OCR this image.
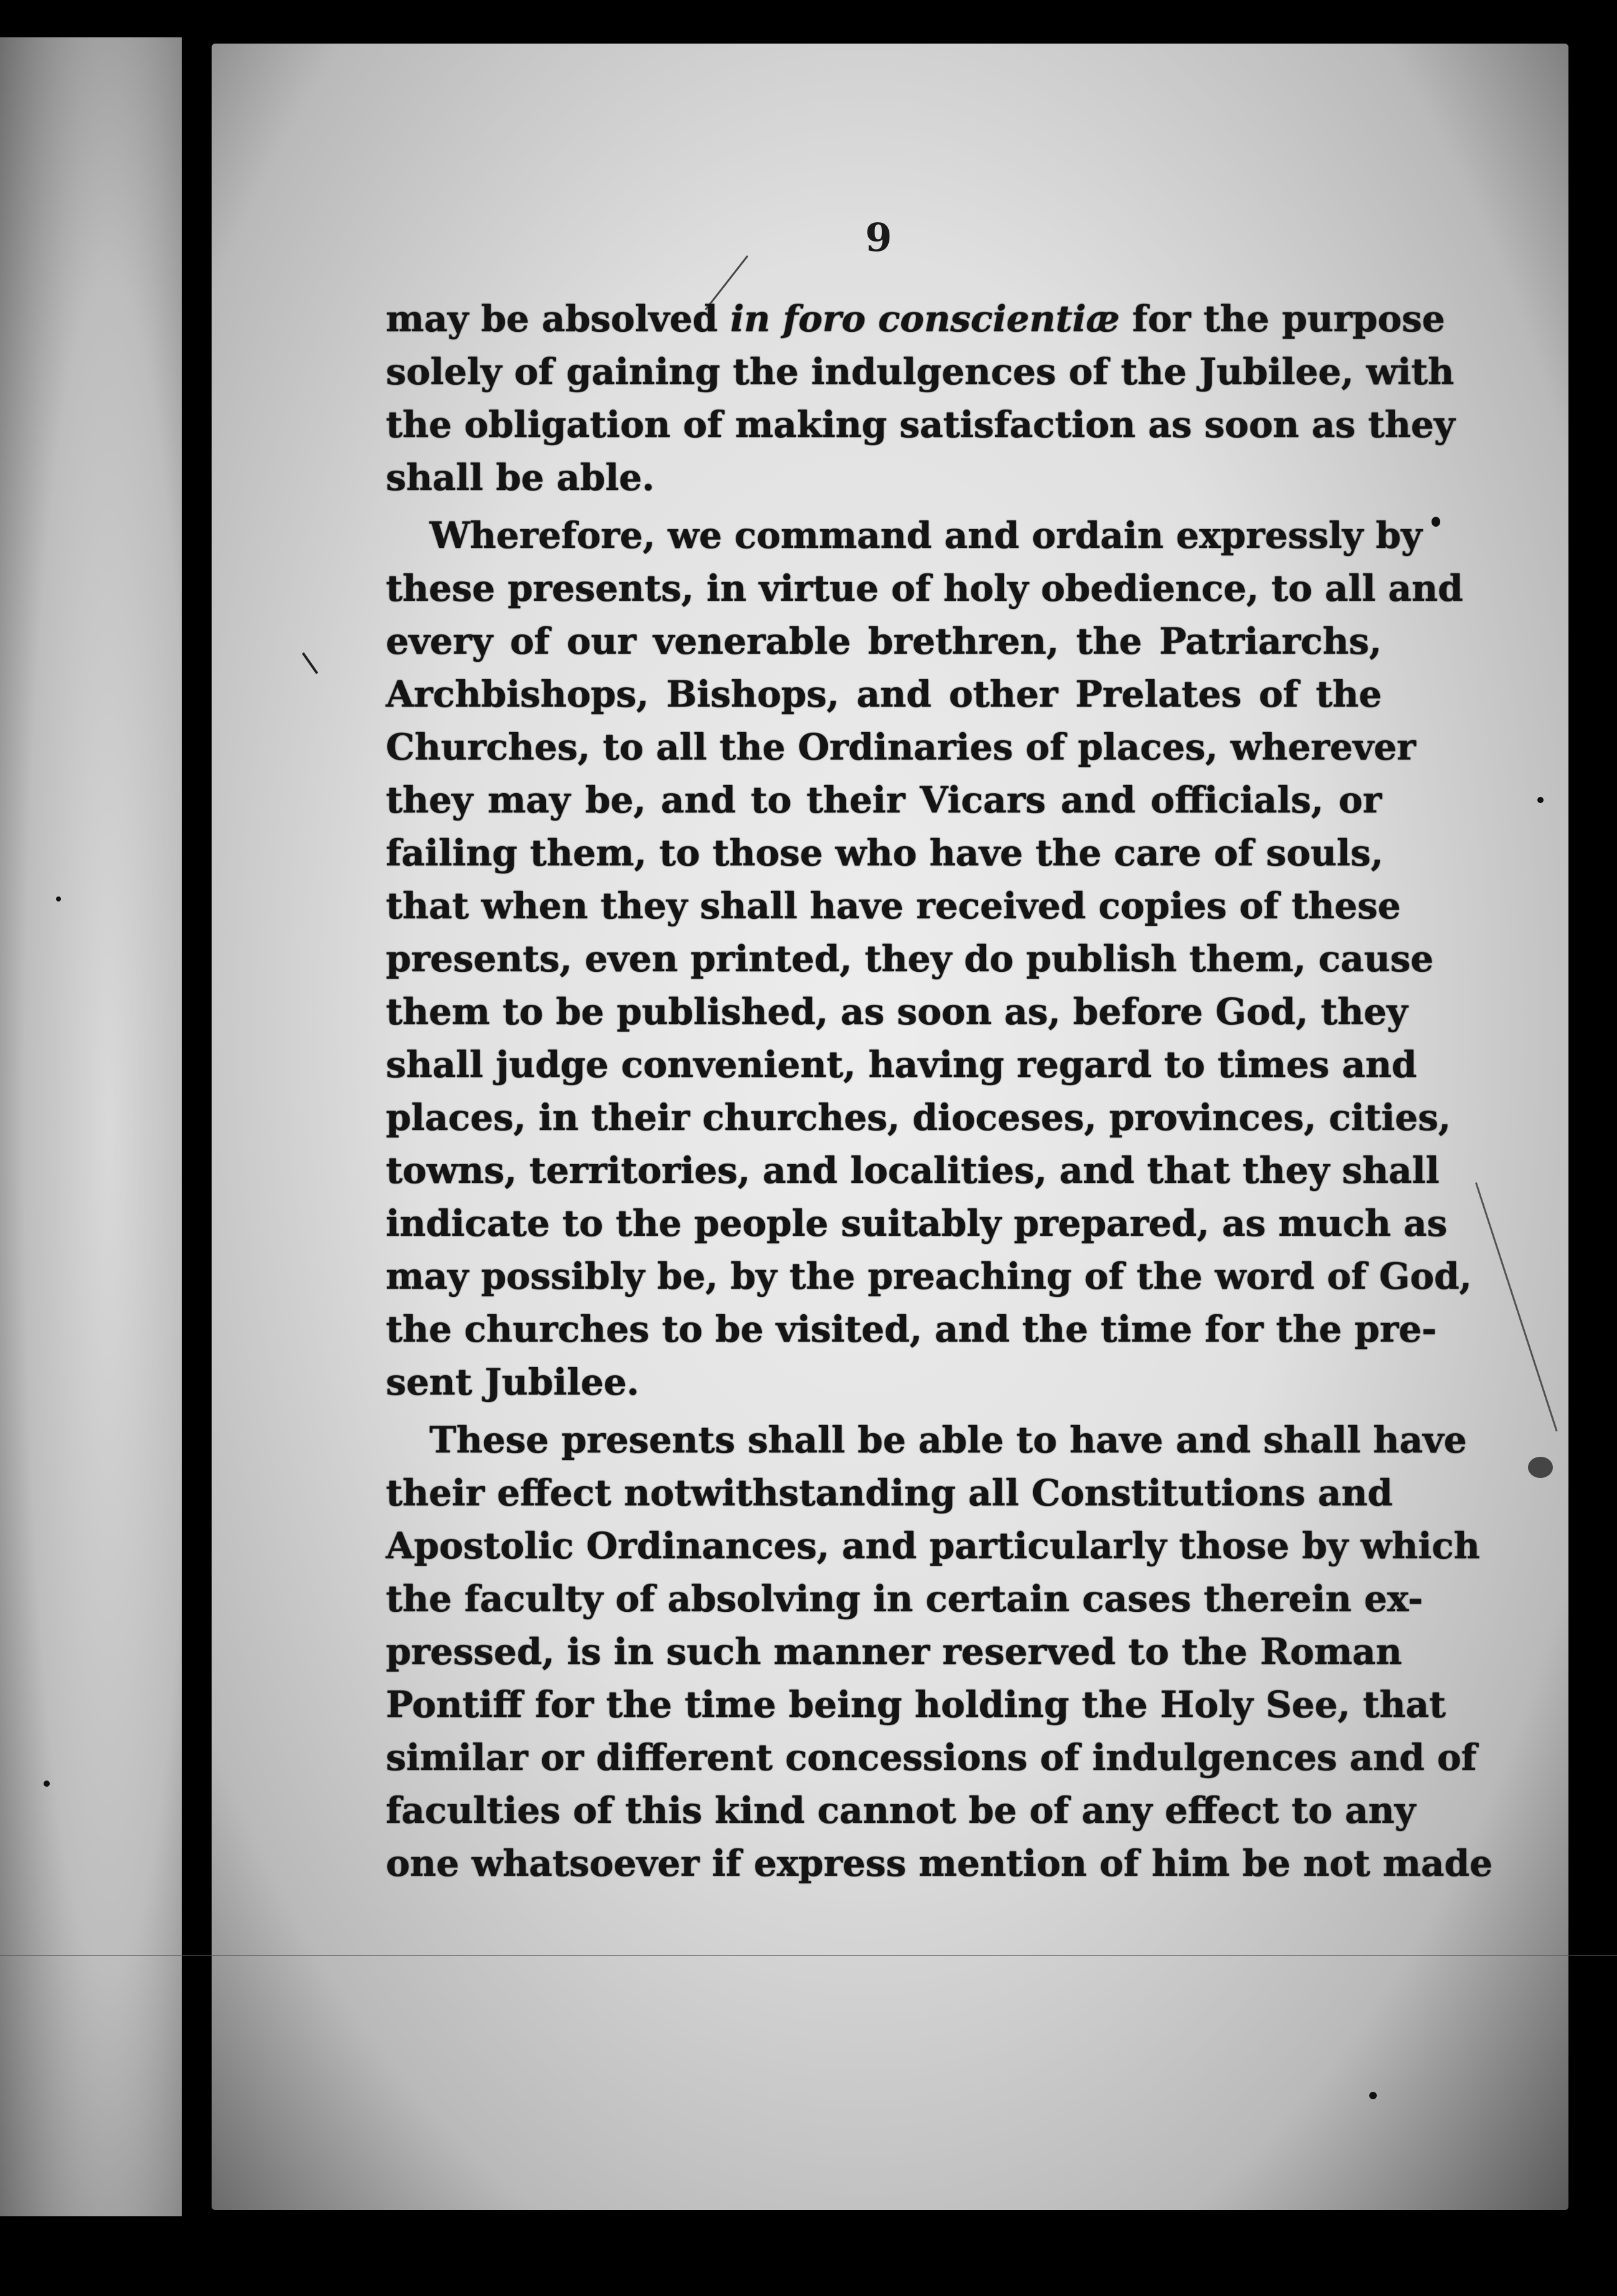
9
may be absolved in foro conscientiæ for the purpose
solely of gaining the indulgences of the Jubilee, with
the obligation of making satisfaction as soon as they
shall be able.
Wherefore, we command and ordain expressly by
these presents, in virtue of holy obedience, to all and
every of our venerable brethren, the Patriarchs,
Archbishops, Bishops, and other Prelates of the
Churches, to all the Ordinaries of places, wherever
they may be, and to their Vicars and officials, or
failing them, to those who have the care of souls,
that when they shall have received copies of these
presents, even printed, they do publish them, cause
them to be published, as soon as, before God, they
shall judge convenient, having regard to times and
places, in their churches, dioceses, provinces, cities,
towns, territories, and localities, and that they shall
indicate to the people suitably prepared, as much as
may possibly be, by the preaching of the word of God,
the churches to be visited, and the time for the pre-
sent Jubilee.
These presents shall be able to have and shall have
their effect notwithstanding all Constitutions and
Apostolic Ordinances, and particularly those by which
the faculty of absolving in certain cases therein ex-
pressed, is in such manner reserved to the Roman
Pontiff for the time being holding the Holy See, that
similar or different concessions of indulgences and of
faculties of this kind cannot be of any effect to any
one whatsoever if express mention of him be not made
